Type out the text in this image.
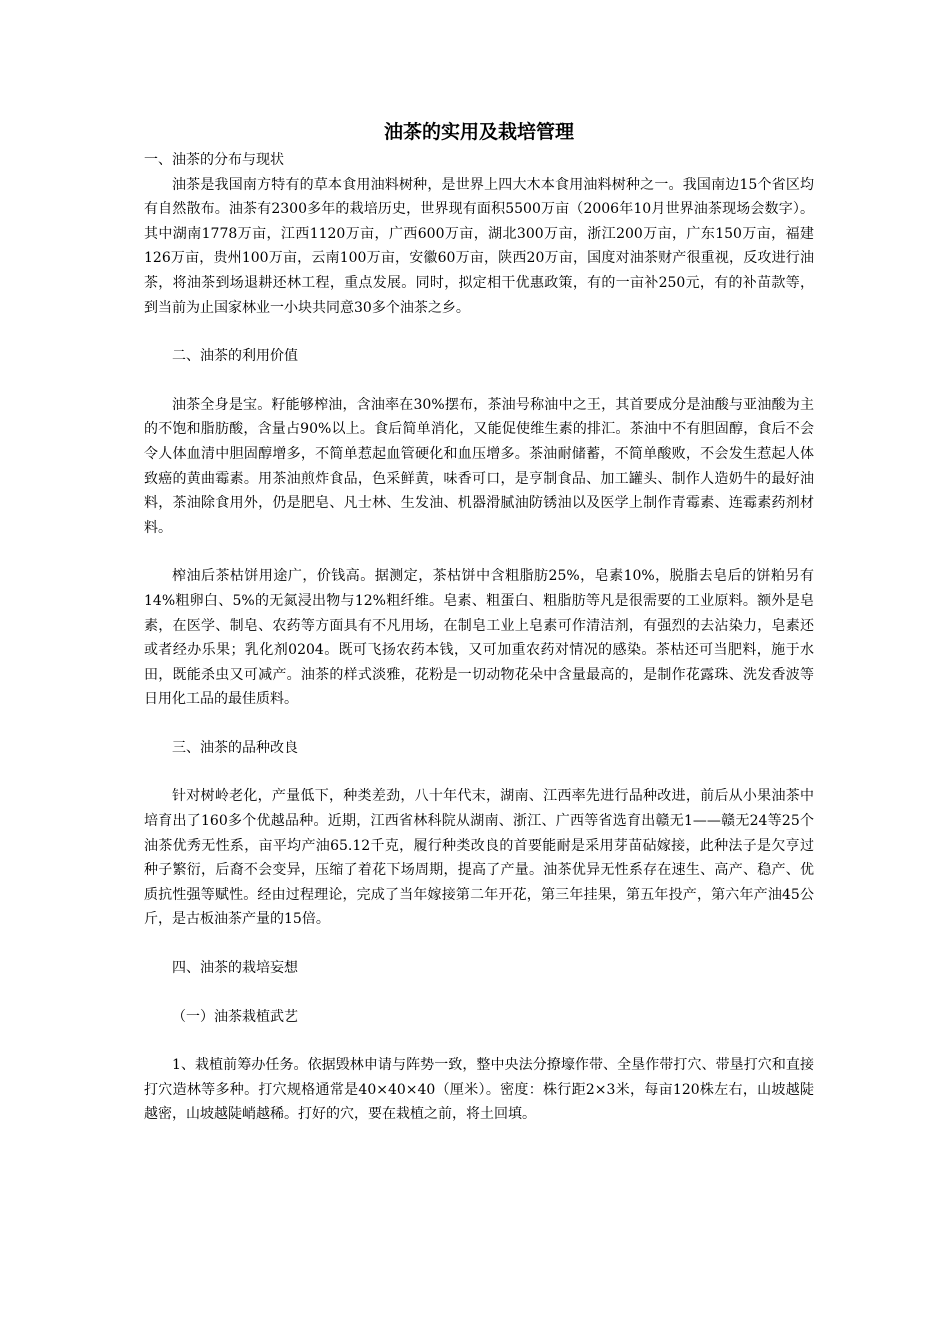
油茶的实用及栽培管理

一、油茶的分布与现状

油茶是我国南方特有的草本食用油料树种，是世界上四大木本食用油料树种之一。我国南边15个省区均有自然散布。油茶有2300多年的栽培历史，世界现有面积5500万亩（2006年10月世界油茶现场会数字）。其中湖南1778万亩，江西1120万亩，广西600万亩，湖北300万亩，浙江200万亩，广东150万亩，福建126万亩，贵州100万亩，云南100万亩，安徽60万亩，陕西20万亩，国度对油茶财产很重视，反攻进行油茶，将油茶到场退耕还林工程，重点发展。同时，拟定相干优惠政策，有的一亩补250元，有的补苗款等，到当前为止国家林业一小块共同意30多个油茶之乡。

二、油茶的利用价值

油茶全身是宝。籽能够榨油，含油率在30%摆布，茶油号称油中之王，其首要成分是油酸与亚油酸为主的不饱和脂肪酸，含量占90%以上。食后简单消化，又能促使维生素的排汇。茶油中不有胆固醇，食后不会令人体血清中胆固醇增多，不简单惹起血管硬化和血压增多。茶油耐储蓄，不简单酸败，不会发生惹起人体致癌的黄曲霉素。用茶油煎炸食品，色采鲜黄，味香可口，是亨制食品、加工罐头、制作人造奶牛的最好油料，茶油除食用外，仍是肥皂、凡士林、生发油、机器滑腻油防锈油以及医学上制作青霉素、连霉素药剂材料。

榨油后茶枯饼用途广，价钱高。据测定，茶枯饼中含粗脂肪25%，皂素10%，脱脂去皂后的饼粕另有14%粗卵白、5%的无氮浸出物与12%粗纤维。皂素、粗蛋白、粗脂肪等凡是很需要的工业原料。额外是皂素，在医学、制皂、农药等方面具有不凡用场，在制皂工业上皂素可作清洁剂，有强烈的去沾染力，皂素还或者经办乐果；乳化剂0204。既可飞扬农药本钱，又可加重农药对情况的感染。茶枯还可当肥料，施于水田，既能杀虫又可减产。油茶的样式淡雅，花粉是一切动物花朵中含量最高的，是制作花露珠、洗发香波等日用化工品的最佳质料。

三、油茶的品种改良

针对树岭老化，产量低下，种类差劲，八十年代末，湖南、江西率先进行品种改进，前后从小果油茶中培育出了160多个优越品种。近期，江西省林科院从湖南、浙江、广西等省选育出赣无1——赣无24等25个油茶优秀无性系，亩平均产油65.12千克，履行种类改良的首要能耐是采用芽苗砧嫁接，此种法子是欠亨过种子繁衍，后裔不会变异，压缩了着花下场周期，提高了产量。油茶优异无性系存在速生、高产、稳产、优质抗性强等赋性。经由过程理论，完成了当年嫁接第二年开花，第三年挂果，第五年投产，第六年产油45公斤，是古板油茶产量的15倍。

四、油茶的栽培妄想

（一）油茶栽植武艺

1、栽植前筹办任务。依据毁林申请与阵势一致，整中央法分撩壕作带、全垦作带打穴、带垦打穴和直接打穴造林等多种。打穴规格通常是40×40×40（厘米）。密度：株行距2×3米，每亩120株左右，山坡越陡越密，山坡越陡峭越稀。打好的穴，要在栽植之前，将土回填。
